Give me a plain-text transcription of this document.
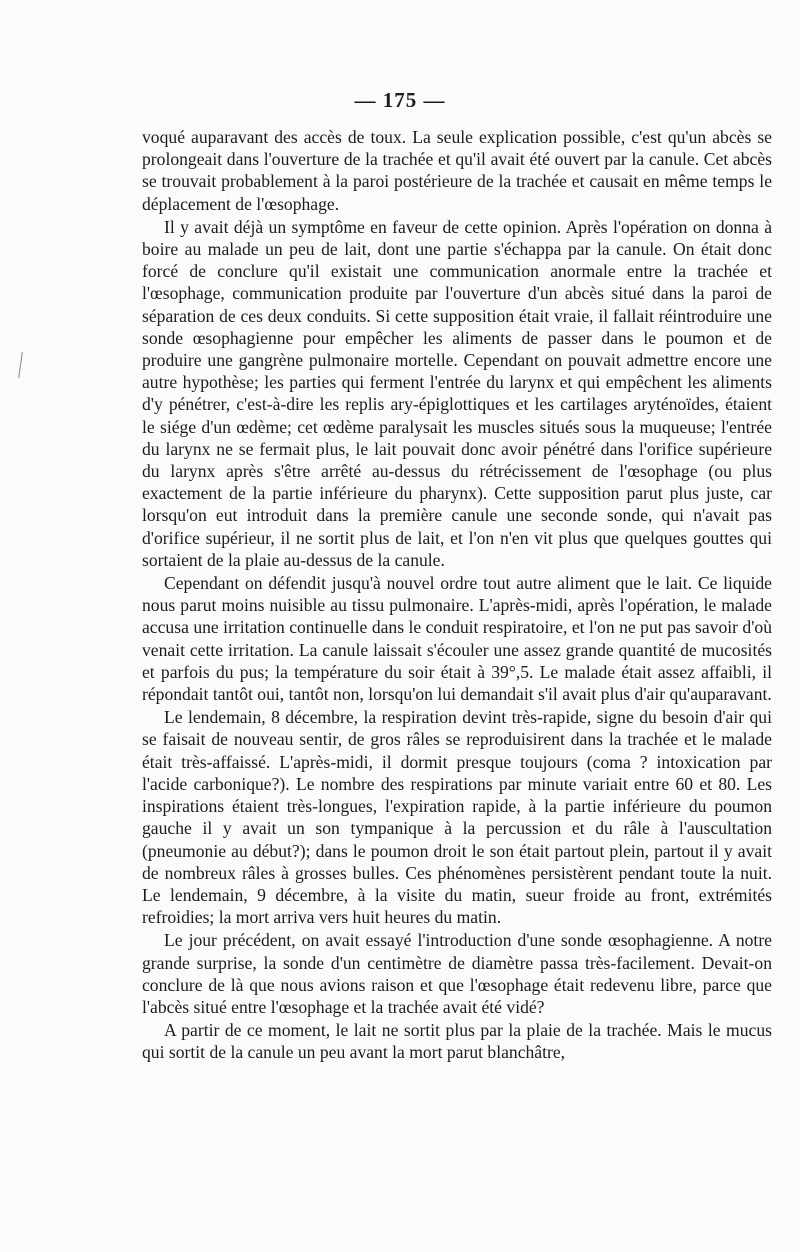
— 175 —

voqué auparavant des accès de toux. La seule explication possible, c'est qu'un abcès se prolongeait dans l'ouverture de la trachée et qu'il avait été ouvert par la canule. Cet abcès se trouvait probablement à la paroi postérieure de la trachée et causait en même temps le déplacement de l'œsophage.

Il y avait déjà un symptôme en faveur de cette opinion. Après l'opération on donna à boire au malade un peu de lait, dont une partie s'échappa par la canule. On était donc forcé de conclure qu'il existait une communication anormale entre la trachée et l'œsophage, communication produite par l'ouverture d'un abcès situé dans la paroi de séparation de ces deux conduits. Si cette supposition était vraie, il fallait réintroduire une sonde œsophagienne pour empêcher les aliments de passer dans le poumon et de produire une gangrène pulmonaire mortelle. Cependant on pouvait admettre encore une autre hypothèse; les parties qui ferment l'entrée du larynx et qui empêchent les aliments d'y pénétrer, c'est-à-dire les replis ary-épiglottiques et les cartilages aryténoïdes, étaient le siége d'un œdème; cet œdème paralysait les muscles situés sous la muqueuse; l'entrée du larynx ne se fermait plus, le lait pouvait donc avoir pénétré dans l'orifice supérieure du larynx après s'être arrêté au-dessus du rétrécissement de l'œsophage (ou plus exactement de la partie inférieure du pharynx). Cette supposition parut plus juste, car lorsqu'on eut introduit dans la première canule une seconde sonde, qui n'avait pas d'orifice supérieur, il ne sortit plus de lait, et l'on n'en vit plus que quelques gouttes qui sortaient de la plaie au-dessus de la canule.

Cependant on défendit jusqu'à nouvel ordre tout autre aliment que le lait. Ce liquide nous parut moins nuisible au tissu pulmonaire. L'après-midi, après l'opération, le malade accusa une irritation continuelle dans le conduit respiratoire, et l'on ne put pas savoir d'où venait cette irritation. La canule laissait s'écouler une assez grande quantité de mucosités et parfois du pus; la température du soir était à 39°,5. Le malade était assez affaibli, il répondait tantôt oui, tantôt non, lorsqu'on lui demandait s'il avait plus d'air qu'auparavant.

Le lendemain, 8 décembre, la respiration devint très-rapide, signe du besoin d'air qui se faisait de nouveau sentir, de gros râles se reproduisirent dans la trachée et le malade était très-affaissé. L'après-midi, il dormit presque toujours (coma ? intoxication par l'acide carbonique?). Le nombre des respirations par minute variait entre 60 et 80. Les inspirations étaient très-longues, l'expiration rapide, à la partie inférieure du poumon gauche il y avait un son tympanique à la percussion et du râle à l'auscultation (pneumonie au début?); dans le poumon droit le son était partout plein, partout il y avait de nombreux râles à grosses bulles. Ces phénomènes persistèrent pendant toute la nuit. Le lendemain, 9 décembre, à la visite du matin, sueur froide au front, extrémités refroidies; la mort arriva vers huit heures du matin.

Le jour précédent, on avait essayé l'introduction d'une sonde œsophagienne. A notre grande surprise, la sonde d'un centimètre de diamètre passa très-facilement. Devait-on conclure de là que nous avions raison et que l'œsophage était redevenu libre, parce que l'abcès situé entre l'œsophage et la trachée avait été vidé?

A partir de ce moment, le lait ne sortit plus par la plaie de la trachée. Mais le mucus qui sortit de la canule un peu avant la mort parut blanchâtre,
